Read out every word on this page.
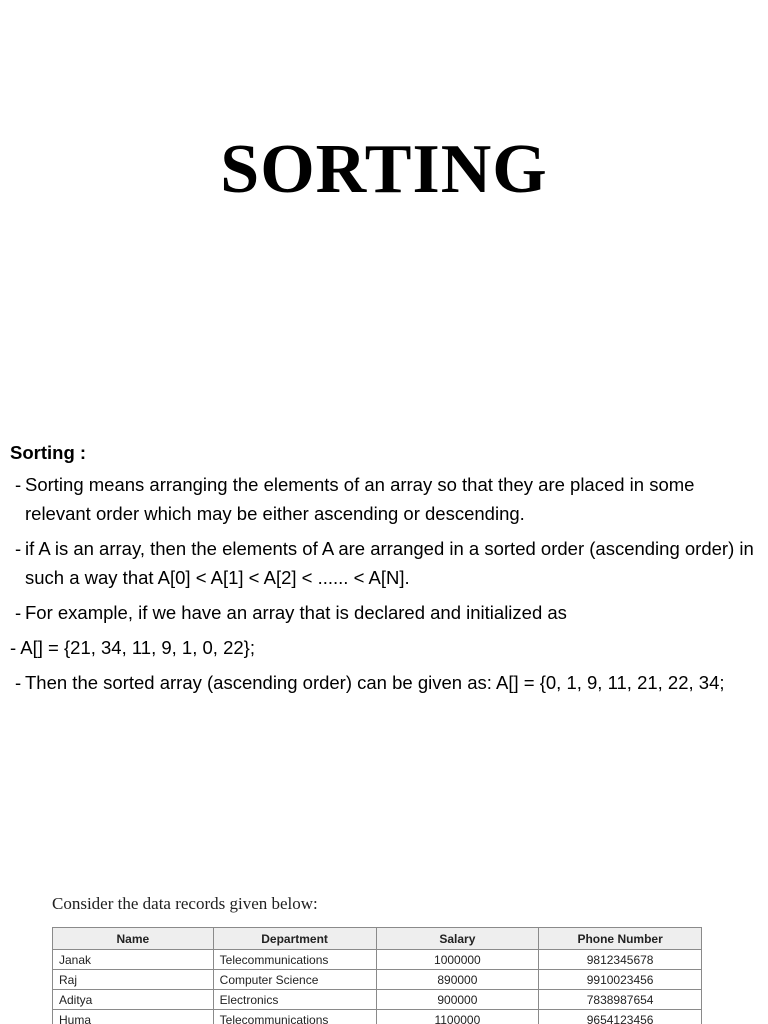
SORTING

Sorting :

- Sorting means arranging the elements of an array so that they are placed in some relevant order which may be either ascending or descending.

- if A is an array, then the elements of A are arranged in a sorted order (ascending order) in such a way that A[0] < A[1] < A[2] < ...... < A[N].

- For example, if we have an array that is declared and initialized as

- A[] = {21, 34, 11, 9, 1, 0, 22};

- Then the sorted array (ascending order) can be given as: A[] = {0, 1, 9, 11, 21, 22, 34;

Consider the data records given below:

Name	Department	Salary	Phone Number
Janak	Telecommunications	1000000	9812345678
Raj	Computer Science	890000	9910023456
Aditya	Electronics	900000	7838987654
Huma	Telecommunications	1100000	9654123456
